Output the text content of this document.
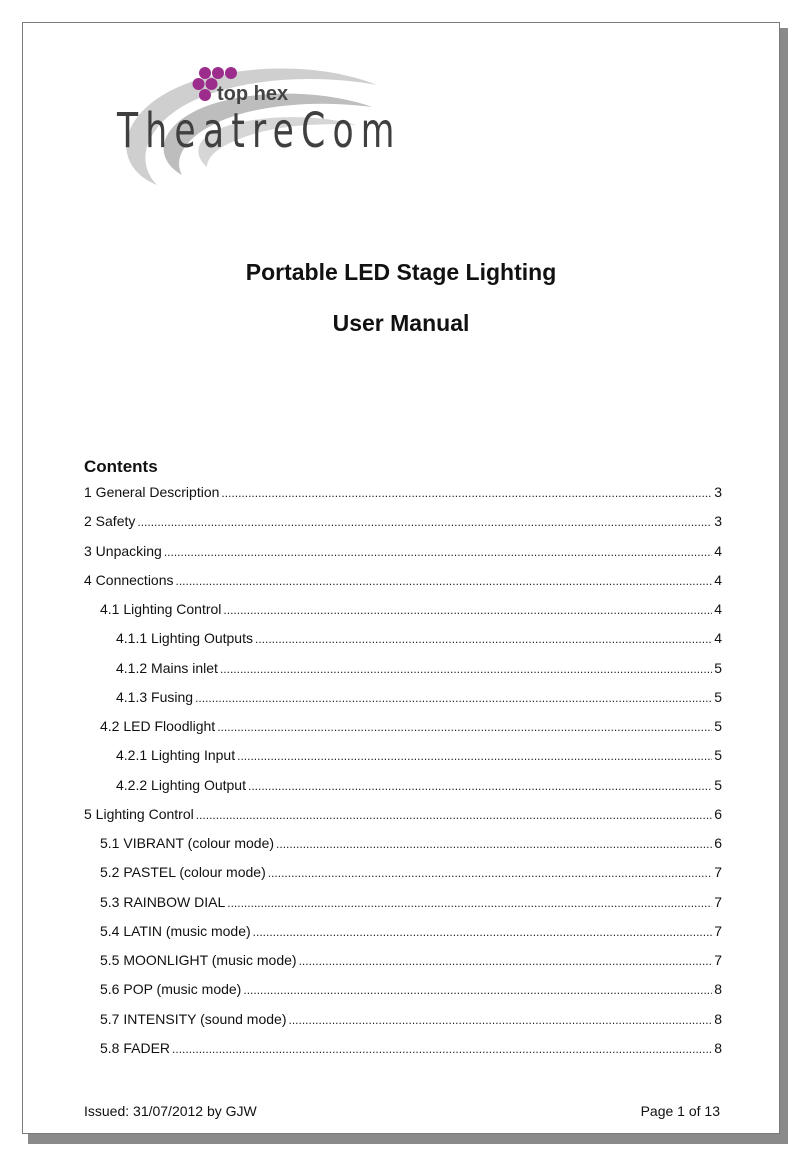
top hex
TheatreCom
Portable LED Stage Lighting
User Manual
Contents
1 General Description .....	3
2 Safety .....	3
3 Unpacking .....	4
4 Connections .....	4
4.1 Lighting Control .....	4
4.1.1 Lighting Outputs .....	4
4.1.2 Mains inlet .....	5
4.1.3 Fusing .....	5
4.2 LED Floodlight .....	5
4.2.1 Lighting Input .....	5
4.2.2 Lighting Output .....	5
5 Lighting Control .....	6
5.1 VIBRANT (colour mode) .....	6
5.2 PASTEL (colour mode) .....	7
5.3 RAINBOW DIAL .....	7
5.4 LATIN (music mode) .....	7
5.5 MOONLIGHT (music mode) .....	7
5.6 POP (music mode) .....	8
5.7 INTENSITY (sound mode) .....	8
5.8 FADER .....	8
Issued: 31/07/2012 by GJW	Page 1 of 13
